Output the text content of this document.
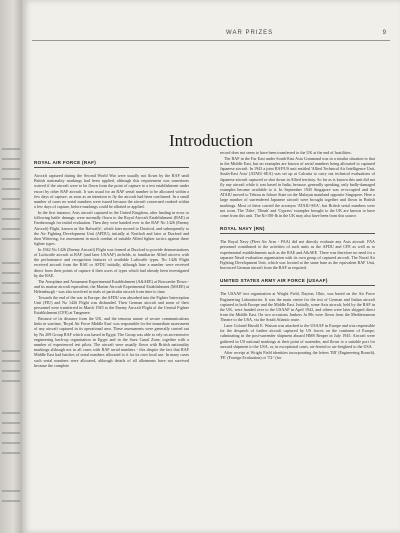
WAR PRIZES	9
Introduction
ROYAL AIR FORCE (RAF)

Aircraft captured during the Second World War were usually not flown by the RAF until British nationality markings had been applied, although this requirement was sometimes waived if the aircraft were to be flown from the point of capture to a test establishment under escort by other RAF aircraft. It was usual for an RAF serial number to be allocated within a few days of capture, as soon as an intention to fly the aircraft had been confirmed. In a small number of cases no serial numbers were issued because the aircraft concerned crashed within a few days of capture, before markings could be allotted or applied.

In the first instance, Axis aircraft captured in the United Kingdom, after landing in error or following battle damage, were normally flown to the Royal Aircraft Establishment (RAE) at Farnborough for initial evaluation. Then they were handed over to the RAF No 1426 (Enemy Aircraft) Flight, known as 'the Rafwaffe', which later moved to Duxford, and subsequently to the Air Fighting Development Unit (AFDU), initially at Northolt and later at Duxford and then Wittering, for assessment in mock combat of suitable Allied fighter tactics against these fighter types.

In 1942 No 1426 (Enemy Aircraft) Flight was formed at Duxford to provide demonstrations of Luftwaffe aircraft at RAF (and later USAAF) airfields, to familiarise Allied aircrew with the performance and recognition features of available Luftwaffe types. No 1426 Flight received aircraft from the RAE or AFDU initially, although later a number were received direct from their points of capture if their users of types which had already been investigated by the RAE.

The Aeroplane and Armament Experimental Establishment (A&AEE) at Boscombe Down - and its marine aircraft equivalent, the Marine Aircraft Experimental Establishment (MAEE) at Helensburgh - was also involved in trials of particular aircraft from time to time.

Towards the end of the war in Europe, the AFDU was absorbed into the Fighter Interception Unit (FIU) and No 1426 Flight was disbanded. Their German aircraft and some of their personnel were transferred in March 1945 to the Enemy Aircraft Flight of the Central Fighter Establishment (CFE) at Tangmere.

Because of its distance from the UK, and the tenuous nature of secure communications links in wartime, 'Royal Air Force Middle East' was responsible for the immediate assessment of any aircraft captured in its operational area. These assessments were generally carried out by No 209 Group RAF which was based in Egypt. The Group was able to rely on an extensive engineering back-up organisation in Egypt and in the Suez Canal Zone, together with a number of experienced test pilots. The aircraft were usually flown with British nationality markings although not in all cases with RAF serial numbers - this despite the fact that RAF Middle East had batches of serial numbers allocated to it for its own local use. In many cases such serial numbers were allocated, although details of all allotments have not survived because the complete

record does not seem to have been transferred to the UK at the end of hostilities.

The RAF in the Far East under South-East Asia Command was in a similar situation to that in the Middle East, but no examples are known of serial numbers being allocated to captured Japanese aircraft. In 1943 a joint RAF/US unit entitled 'Allied Technical Air Intelligence Unit, South-East Asia' (ATAIU-SEA) was set up at Calcutta to carry out technical evaluations of Japanese aircraft captured or shot down in Allied territory. So far as is known this unit did not fly any aircraft while it was based in India, because, generally speaking, only badly-damaged examples became available to it. In September 1945 Singapore was re-occupied and the ATAIU moved to Tebrau in Johore State on the Malayan mainland opposite Singapore. Here a large number of surrendered Japanese aircraft were brought together and flown in British markings. Most of these carried the acronym 'ATAIU-SEA', but British serial numbers were not worn. The 'Zeke', 'Dinah' and 'Cypress' examples brought to the UK are known to have come from this unit. The Ki-100-Ib in the UK may also have been from this source.

ROYAL NAVY (RN)

The Royal Navy (Fleet Air Arm - FAA) did not directly evaluate any Axis aircraft. FAA personnel contributed to the activities of such units as the AFDU and CFE as well as to experimental establishments such as the RAE and A&AEE. There was therefore no need for a separate Naval evaluation organisation with its own group of captured aircraft. The Naval Air Fighting Development Unit, which was located at the same base as the equivalent RAF Unit, borrowed German aircraft from the RAF as required.

UNITED STATES ARMY AIR FORCE (USAAF)

The USAAF test organisation at Wright Field, Dayton, Ohio, was based on the Air Force Engineering Laboratories. It was the main centre for the test of German and Italian aircraft captured in both Europe and the Middle East. Initially, some Axis aircraft, held by the RAF in the UK, were handed over to the USAAF in April 1942, and others were later shipped direct from the Middle East. On two occasions Junkers Ju 88s were flown from the Mediterranean Theatre to the USA, via the South Atlantic route.

Later Colonel Harold E. Watson was attached to the USAAF in Europe and was responsible for the despatch of further aircraft captured by US forces on the continent of Europe, culminating in the post-surrender shipment aboard HMS Reaper in July 1945. Aircraft were gathered in US national markings at their point of surrender, and flown to a suitable port for onward shipment to the USA, or, in exceptional cases, air-ferried or air-freighted to the USA.

After receipt at Wright Field identities incorporating the letters 'EB' (Engineering Branch), 'FE' (Foreign Evaluation) or 'T2-' (for
